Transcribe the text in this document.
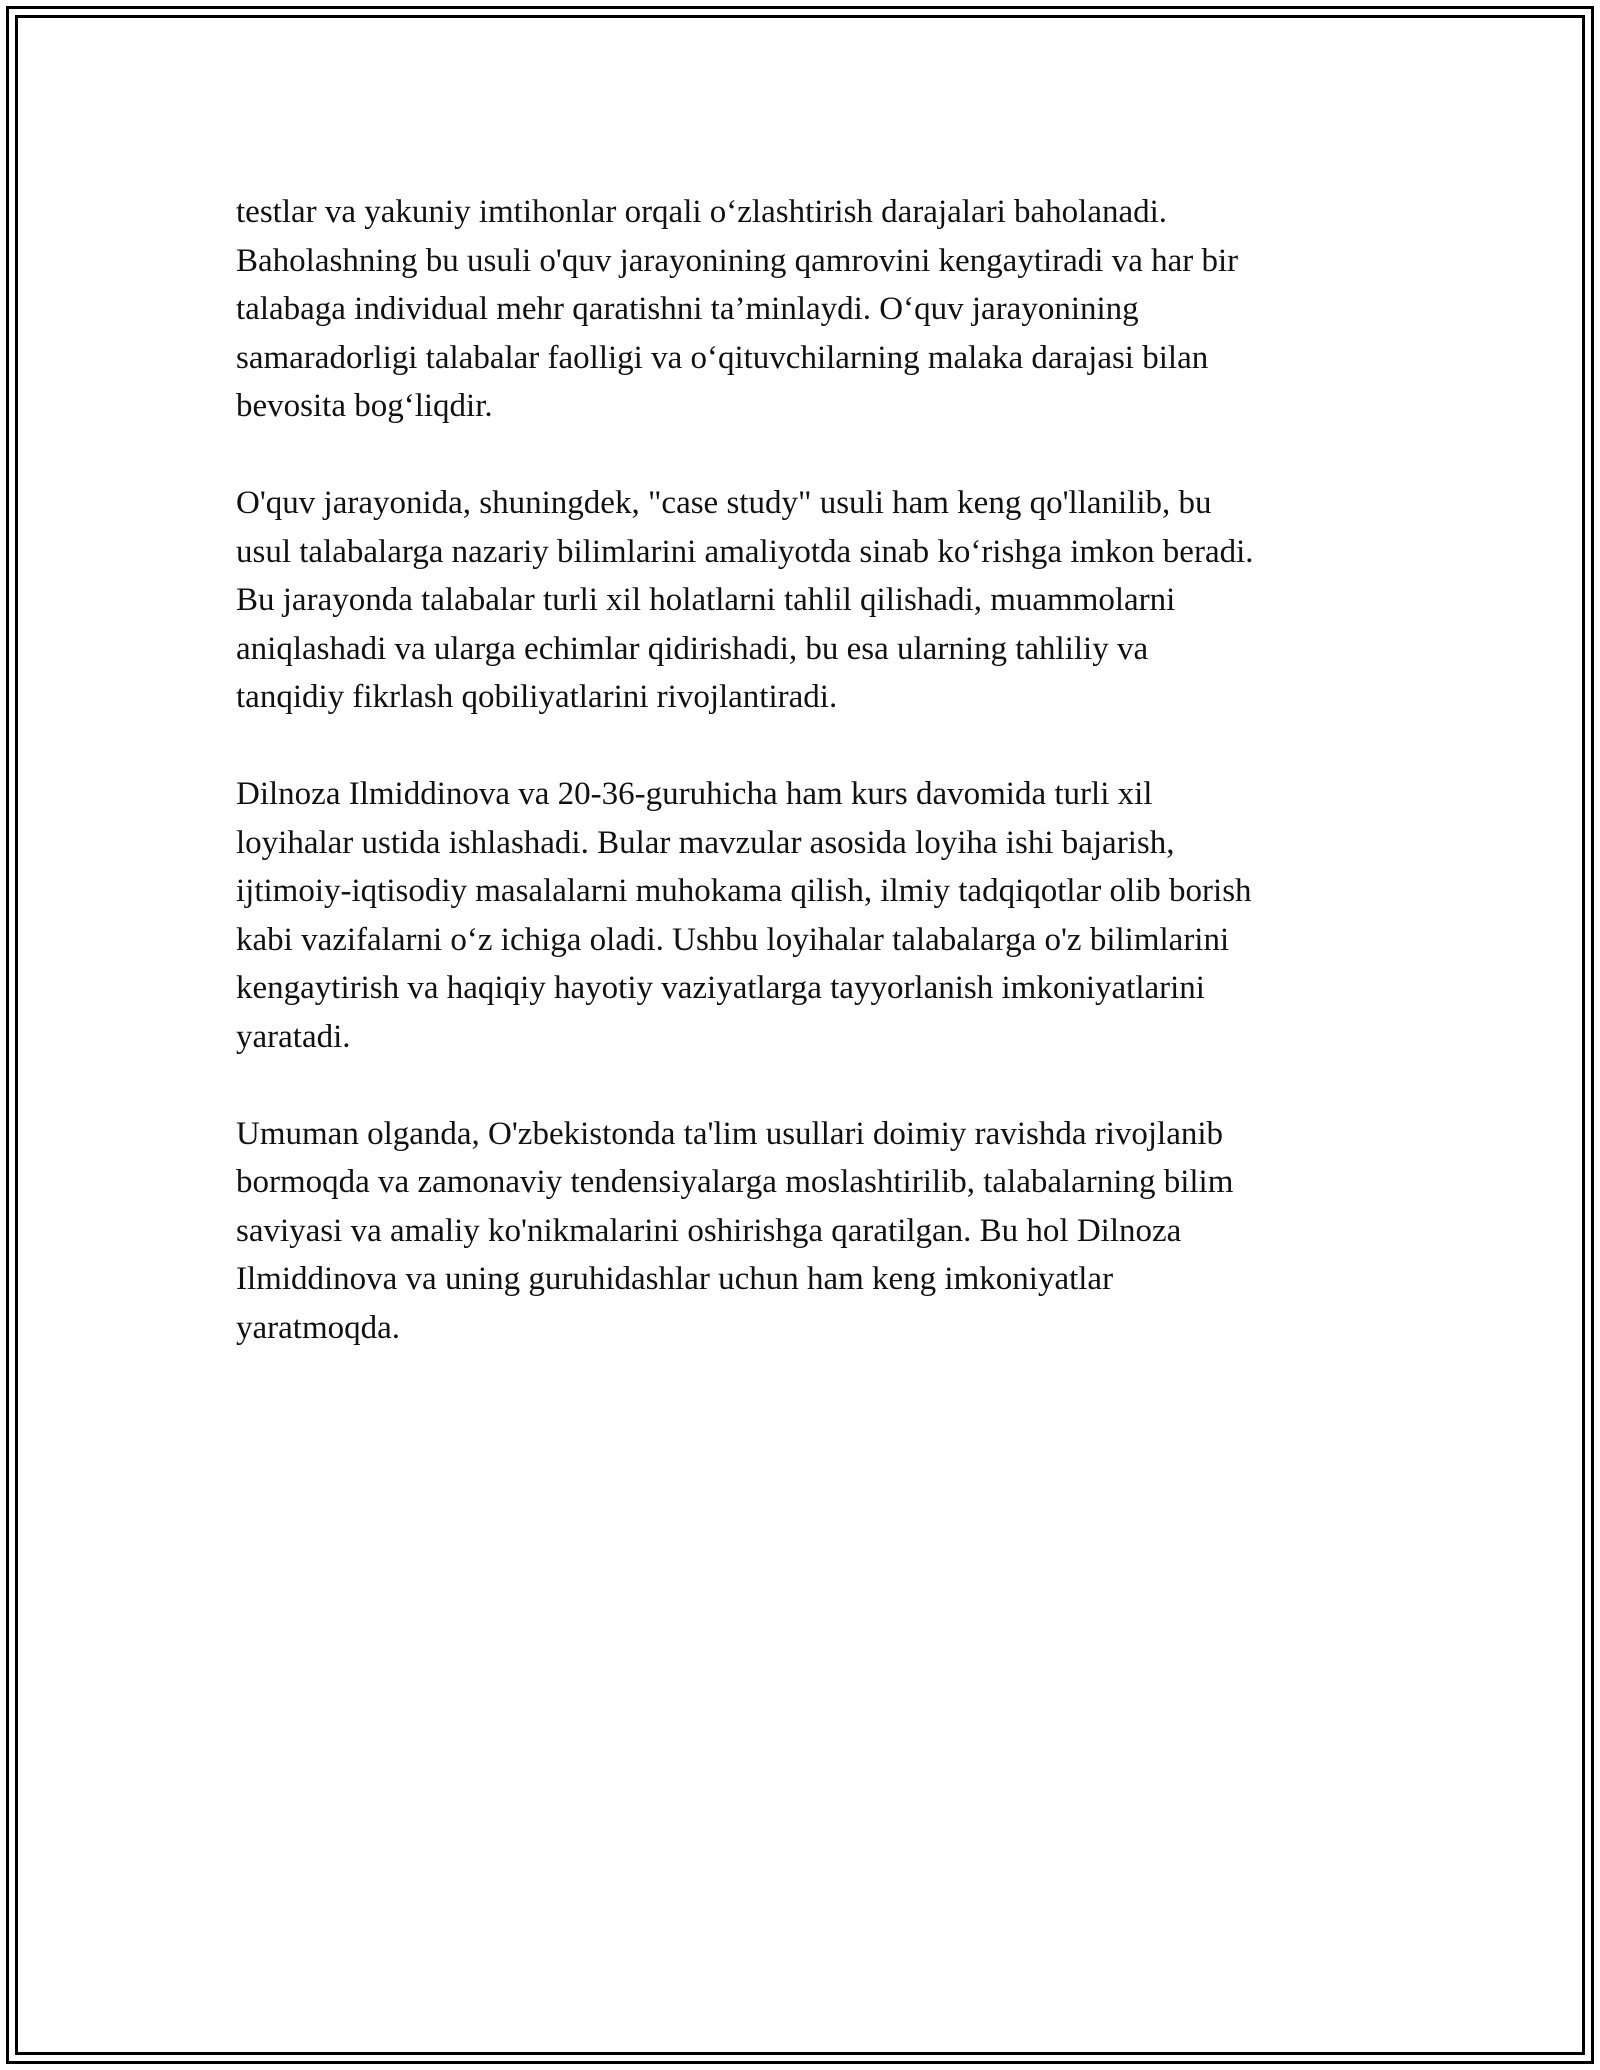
testlar va yakuniy imtihonlar orqali o‘zlashtirish darajalari baholanadi.
Baholashning bu usuli o'quv jarayonining qamrovini kengaytiradi va har bir
talabaga individual mehr qaratishni ta’minlaydi. O‘quv jarayonining
samaradorligi talabalar faolligi va o‘qituvchilarning malaka darajasi bilan
bevosita bog‘liqdir.

O'quv jarayonida, shuningdek, "case study" usuli ham keng qo'llanilib, bu
usul talabalarga nazariy bilimlarini amaliyotda sinab ko‘rishga imkon beradi.
Bu jarayonda talabalar turli xil holatlarni tahlil qilishadi, muammolarni
aniqlashadi va ularga echimlar qidirishadi, bu esa ularning tahliliy va
tanqidiy fikrlash qobiliyatlarini rivojlantiradi.

Dilnoza Ilmiddinova va 20-36-guruhicha ham kurs davomida turli xil
loyihalar ustida ishlashadi. Bular mavzular asosida loyiha ishi bajarish,
ijtimoiy-iqtisodiy masalalarni muhokama qilish, ilmiy tadqiqotlar olib borish
kabi vazifalarni o‘z ichiga oladi. Ushbu loyihalar talabalarga o'z bilimlarini
kengaytirish va haqiqiy hayotiy vaziyatlarga tayyorlanish imkoniyatlarini
yaratadi.

Umuman olganda, O'zbekistonda ta'lim usullari doimiy ravishda rivojlanib
bormoqda va zamonaviy tendensiyalarga moslashtirilib, talabalarning bilim
saviyasi va amaliy ko'nikmalarini oshirishga qaratilgan. Bu hol Dilnoza
Ilmiddinova va uning guruhidashlar uchun ham keng imkoniyatlar
yaratmoqda.
